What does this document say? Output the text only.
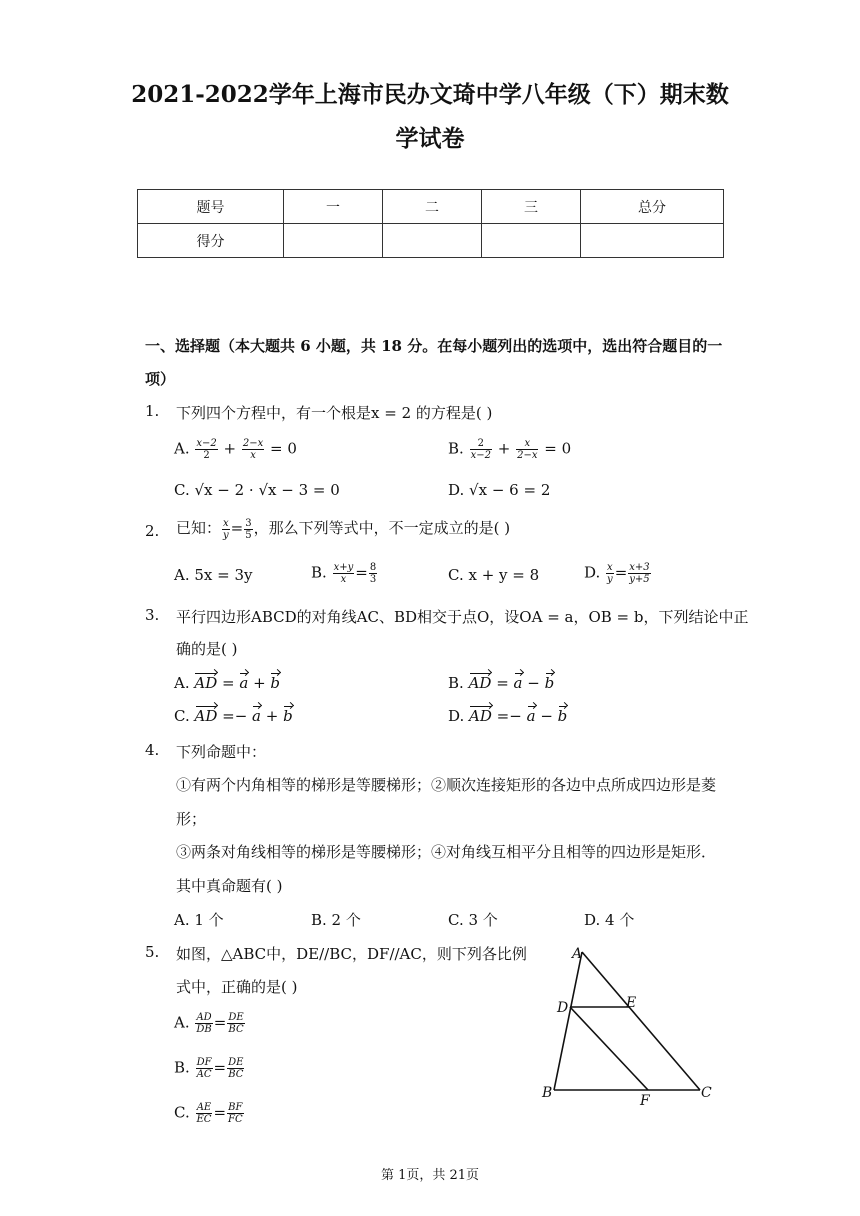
2021-2022学年上海市民办文琦中学八年级（下）期末数
学试卷
题号	一	二	三	总分
得分				
一、选择题（本大题共 6 小题，共 18 分。在每小题列出的选项中，选出符合题目的一
项）
1. 下列四个方程中，有一个根是x = 2 的方程是( )
A. $\frac{x-2}{2} + \frac{2-x}{x} = 0$	B. $\frac{2}{x-2} + \frac{x}{2-x} = 0$
C. √x − 2 · √x − 3 = 0	D. √x − 6 = 2
2. 已知： $\frac{x}{y} = \frac{3}{5}$ ，那么下列等式中，不一定成立的是( )
A. 5x = 3y	B. $\frac{x+y}{x} = \frac{8}{3}$	C. x + y = 8	D. $\frac{x}{y} = \frac{x+3}{y+5}$
3. 平行四边形ABCD的对角线AC、BD相交于点O，设OA = a，OB = b，下列结论中正
确的是( )
A. AD = a + b	B. AD = a − b
C. AD =− a + b	D. AD =− a − b
4. 下列命题中：
①有两个内角相等的梯形是等腰梯形；②顺次连接矩形的各边中点所成四边形是菱
形；
③两条对角线相等的梯形是等腰梯形；④对角线互相平分且相等的四边形是矩形．
其中真命题有( )
A. 1 个	B. 2 个	C. 3 个	D. 4 个
5. 如图，△ABC中，DE//BC，DF//AC，则下列各比例
式中，正确的是( )
A. $\frac{AD}{DB} = \frac{DE}{BC}$
B. $\frac{DF}{AC} = \frac{DE}{BC}$
C. $\frac{AE}{EC} = \frac{BF}{FC}$
A
B	C
D	E
F
第 1页，共 21页
